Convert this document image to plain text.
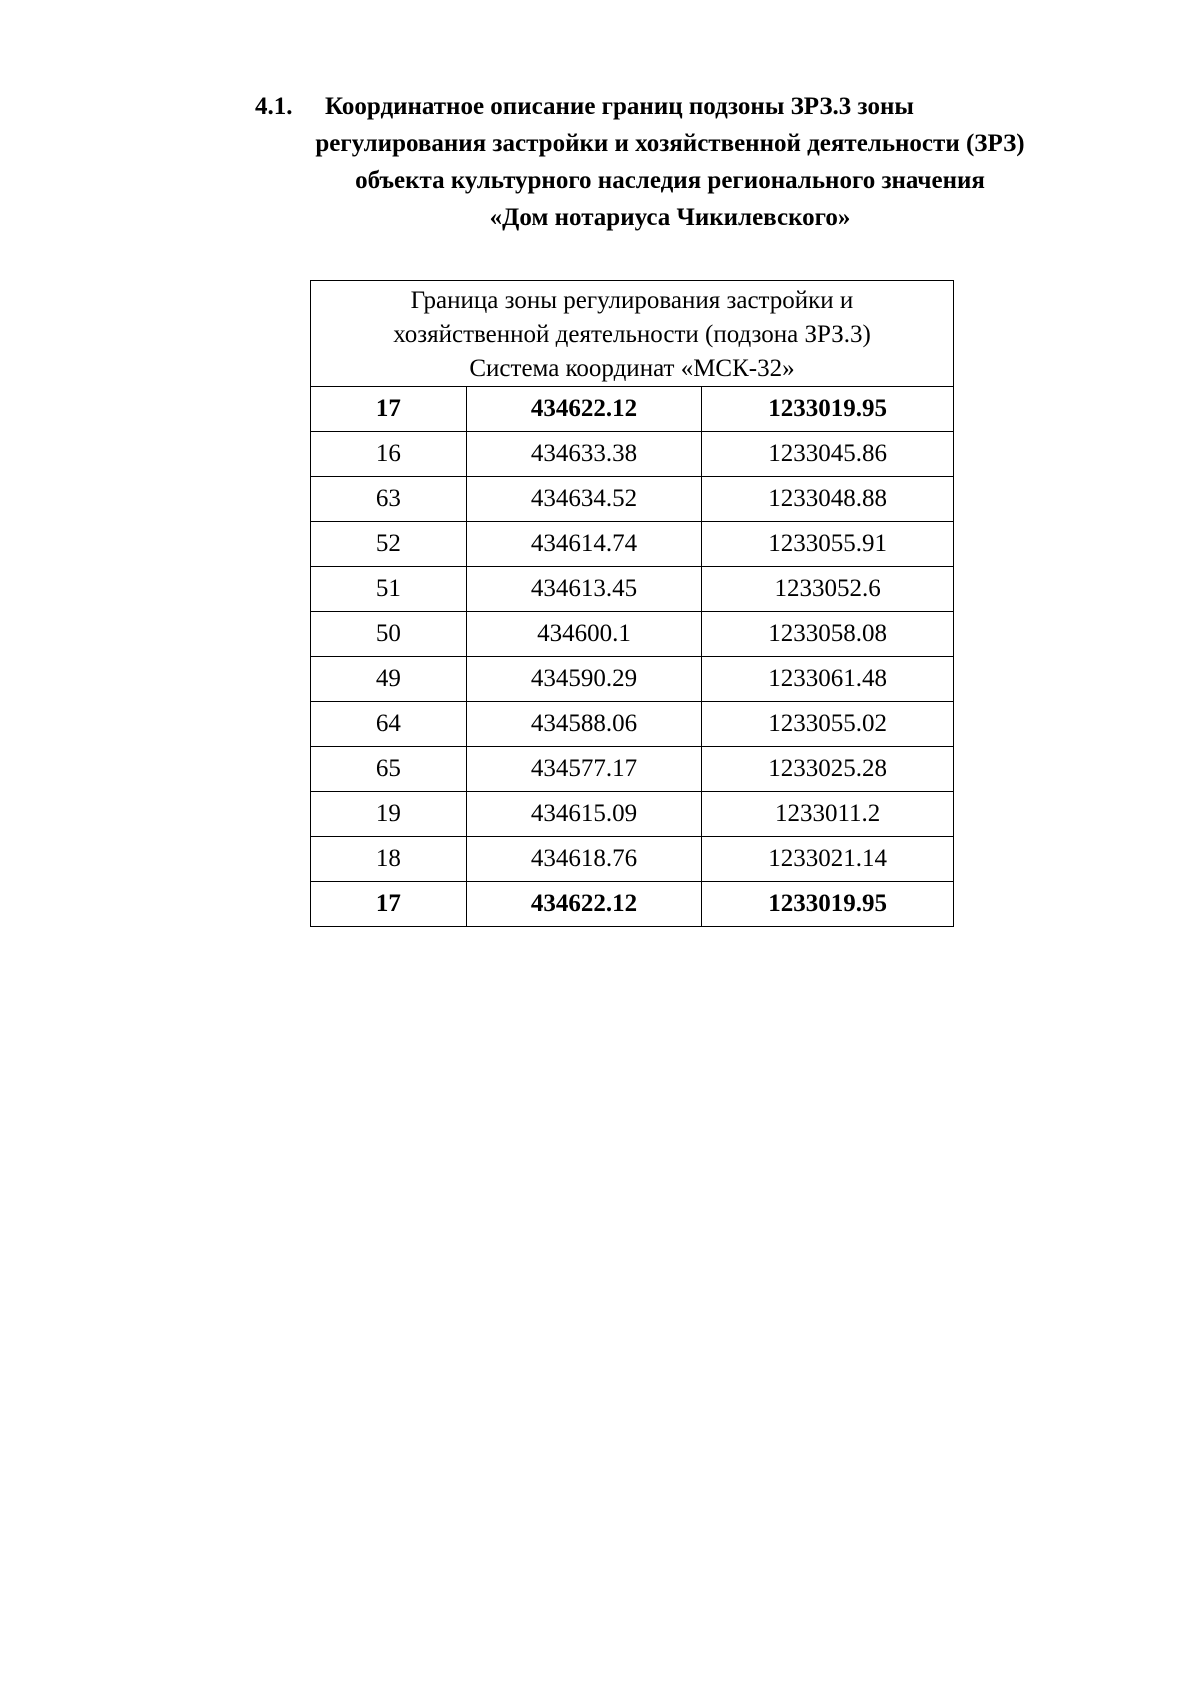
4.1. Координатное описание границ подзоны ЗРЗ.3 зоны
регулирования застройки и хозяйственной деятельности (ЗРЗ)
объекта культурного наследия регионального значения
«Дом нотариуса Чикилевского»
Граница зоны регулирования застройки и
хозяйственной деятельности (подзона ЗРЗ.3)
Система координат «МСК-32»		

17	434622.12	1233019.95
16	434633.38	1233045.86
63	434634.52	1233048.88
52	434614.74	1233055.91
51	434613.45	1233052.6
50	434600.1	1233058.08
49	434590.29	1233061.48
64	434588.06	1233055.02
65	434577.17	1233025.28
19	434615.09	1233011.2
18	434618.76	1233021.14
17	434622.12	1233019.95
